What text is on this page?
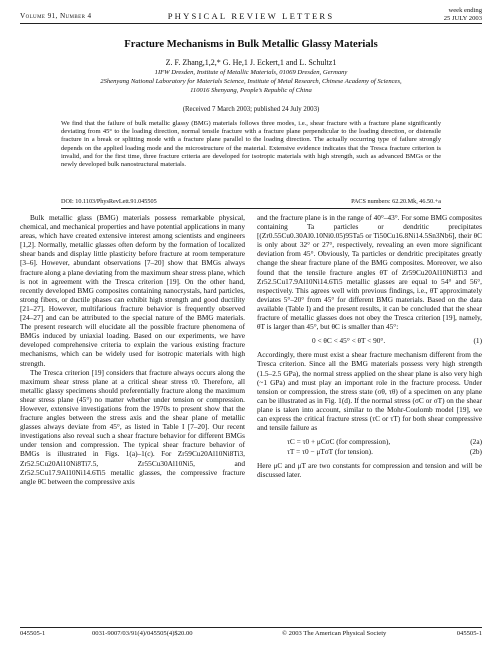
Volume 91, Number 4	PHYSICAL REVIEW LETTERS
week ending
25 JULY 2003
Fracture Mechanisms in Bulk Metallic Glassy Materials
Z. F. Zhang,1,2,* G. He,1 J. Eckert,1 and L. Schultz1
1IFW Dresden, Institute of Metallic Materials, 01069 Dresden, Germany
2Shenyang National Laboratory for Materials Science, Institute of Metal Research, Chinese Academy of Sciences,
110016 Shenyang, People’s Republic of China
(Received 7 March 2003; published 24 July 2003)
We find that the failure of bulk metallic glassy (BMG) materials follows three modes, i.e., shear fracture with a fracture plane significantly deviating from 45° to the loading direction, normal tensile fracture with a fracture plane perpendicular to the loading direction, or distensile fracture in a break or splitting mode with a fracture plane parallel to the loading direction. The actually occurring type of failure strongly depends on the applied loading mode and the microstructure of the material. Extensive evidence indicates that the Tresca fracture criterion is invalid, and for the first time, three fracture criteria are developed for isotropic materials with high strength, such as advanced BMGs or the newly developed bulk nanostructural materials.
DOI: 10.1103/PhysRevLett.91.045505	PACS numbers: 62.20.Mk, 46.50.+a

Bulk metallic glass (BMG) materials possess remarkable physical, chemical, and mechanical properties and have potential applications in many areas, which have created extensive interest among scientists and engineers [1,2]. Normally, metallic glasses often deform by the formation of localized shear bands and display little plasticity before fracture at room temperature [3–6]. However, abundant observations [7–20] show that BMGs always fracture along a plane deviating from the maximum shear stress plane, which is not in agreement with the Tresca criterion [19]. On the other hand, recently developed BMG composites containing nanocrystals, hard particles, strong fibers, or ductile phases can exhibit high strength and good ductility [21–27]. However, multifarious fracture behavior is frequently observed [24–27] and can be attributed to the special nature of the BMG materials. The present research will elucidate all the possible fracture phenomena of BMGs induced by uniaxial loading. Based on our experiments, we have developed comprehensive criteria to explain the various existing fracture mechanisms, which can be widely used for isotropic materials with high strength.

The Tresca criterion [19] considers that fracture always occurs along the maximum shear stress plane at a critical shear stress τ0. Therefore, all metallic glassy specimens should preferentially fracture along the maximum shear stress plane (45°) no matter whether under tension or compression. However, extensive investigations from the 1970s to present show that the fracture angles between the stress axis and the shear plane of metallic glasses always deviate from 45°, as listed in Table I [7–20]. Our recent investigations also reveal such a shear fracture behavior for different BMGs under tension and compression. The typical shear fracture behavior of BMGs is illustrated in Figs. 1(a)–1(c). For Zr59Cu20Al10Ni8Ti3, Zr52.5Cu20Al10Ni8Ti7.5, Zr55Cu30Al10Ni5, and Zr52.5Cu17.9Al10Ni14.6Ti5 metallic glasses, the compressive fracture angle θC between the compressive axis

and the fracture plane is in the range of 40°–43°. For some BMG composites containing Ta particles or dendritic precipitates [(Zr0.55Cu0.30Al0.10Ni0.05)95Ta5 or Ti50Cu16.8Ni14.5Sn3Nb6], their θC is only about 32° or 27°, respectively, revealing an even more significant deviation from 45°. Obviously, Ta particles or dendritic precipitates greatly change the shear fracture plane of the BMG composites. Moreover, we also found that the tensile fracture angles θT of Zr59Cu20Al10Ni8Ti3 and Zr52.5Cu17.9Al10Ni14.6Ti5 metallic glasses are equal to 54° and 56°, respectively. This agrees well with previous findings, i.e., θT approximately deviates 5°–20° from 45° for different BMG materials. Based on the data available (Table I) and the present results, it can be concluded that the shear fracture of metallic glasses does not obey the Tresca criterion [19], namely, θT is larger than 45°, but θC is smaller than 45°:

0 < θC < 45° < θT < 90°.	(1)

Accordingly, there must exist a shear fracture mechanism different from the Tresca criterion. Since all the BMG materials possess very high strength (1.5–2.5 GPa), the normal stress applied on the shear plane is also very high (~1 GPa) and must play an important role in the fracture process. Under tension or compression, the stress state (σθ, τθ) of a specimen on any plane can be illustrated as in Fig. 1(d). If the normal stress (σC or σT) on the shear plane is taken into account, similar to the Mohr-Coulomb model [19], we can express the critical fracture stress (τC or τT) for both shear compressive and tensile failure as

τC = τ0 + μCσC (for compression),	(2a)
τT = τ0 − μTσT (for tension).	(2b)

Here μC and μT are two constants for compression and tension and will be discussed later.

045505-1	0031-9007/03/91(4)/045505(4)$20.00	© 2003 The American Physical Society	045505-1
